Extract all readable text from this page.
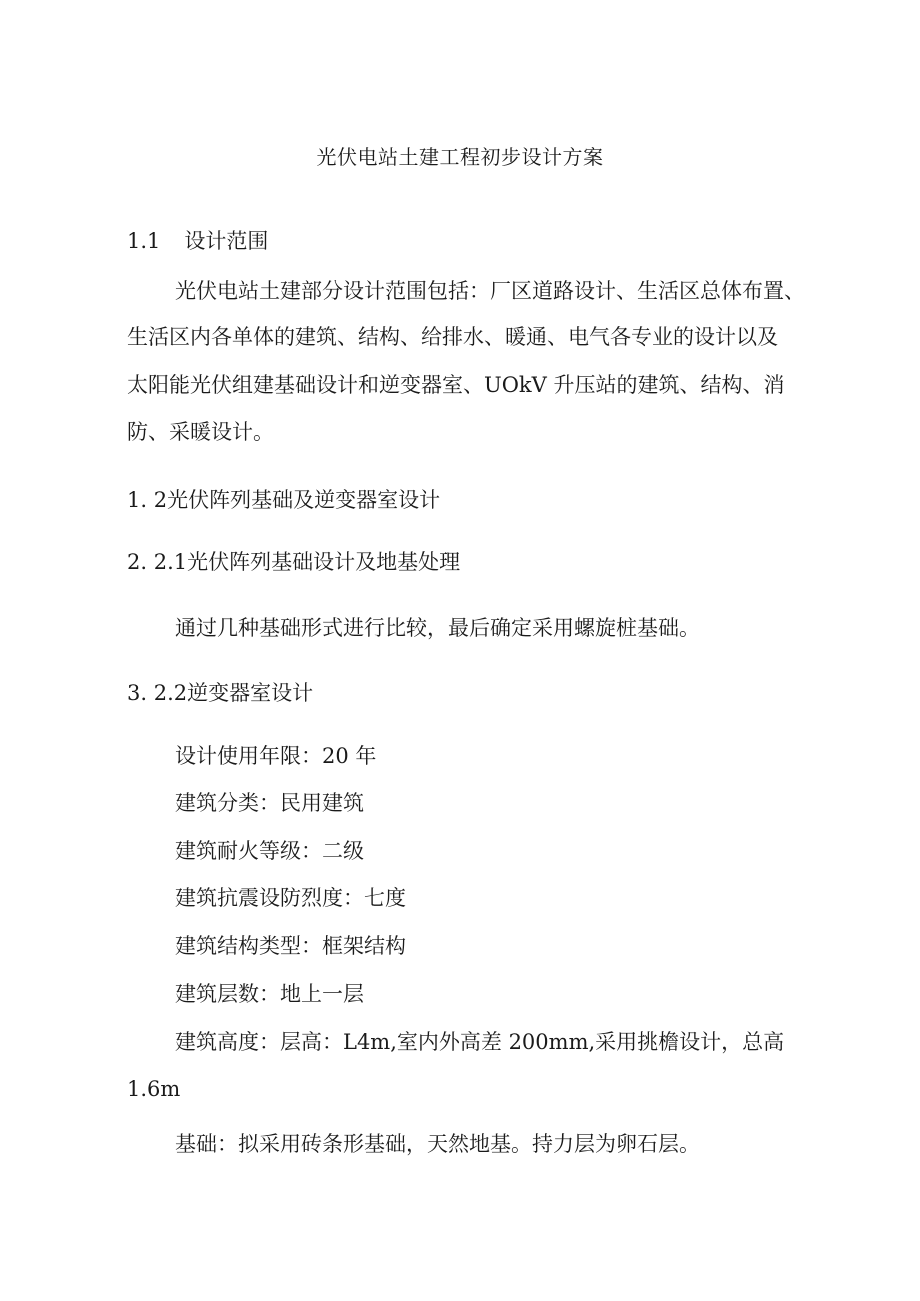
光伏电站土建工程初步设计方案
1.1 设计范围
光伏电站土建部分设计范围包括：厂区道路设计、生活区总体布置、
生活区内各单体的建筑、结构、给排水、暖通、电气各专业的设计以及
太阳能光伏组建基础设计和逆变器室、UOkV 升压站的建筑、结构、消
防、采暖设计。
1. 2光伏阵列基础及逆变器室设计
2. 2.1光伏阵列基础设计及地基处理
通过几种基础形式进行比较，最后确定采用螺旋桩基础。
3. 2.2逆变器室设计
设计使用年限：20 年
建筑分类：民用建筑
建筑耐火等级：二级
建筑抗震设防烈度：七度
建筑结构类型：框架结构
建筑层数：地上一层
建筑高度：层高：L4m,室内外高差 200mm,采用挑檐设计，总高
1.6m
基础：拟采用砖条形基础，天然地基。持力层为卵石层。
